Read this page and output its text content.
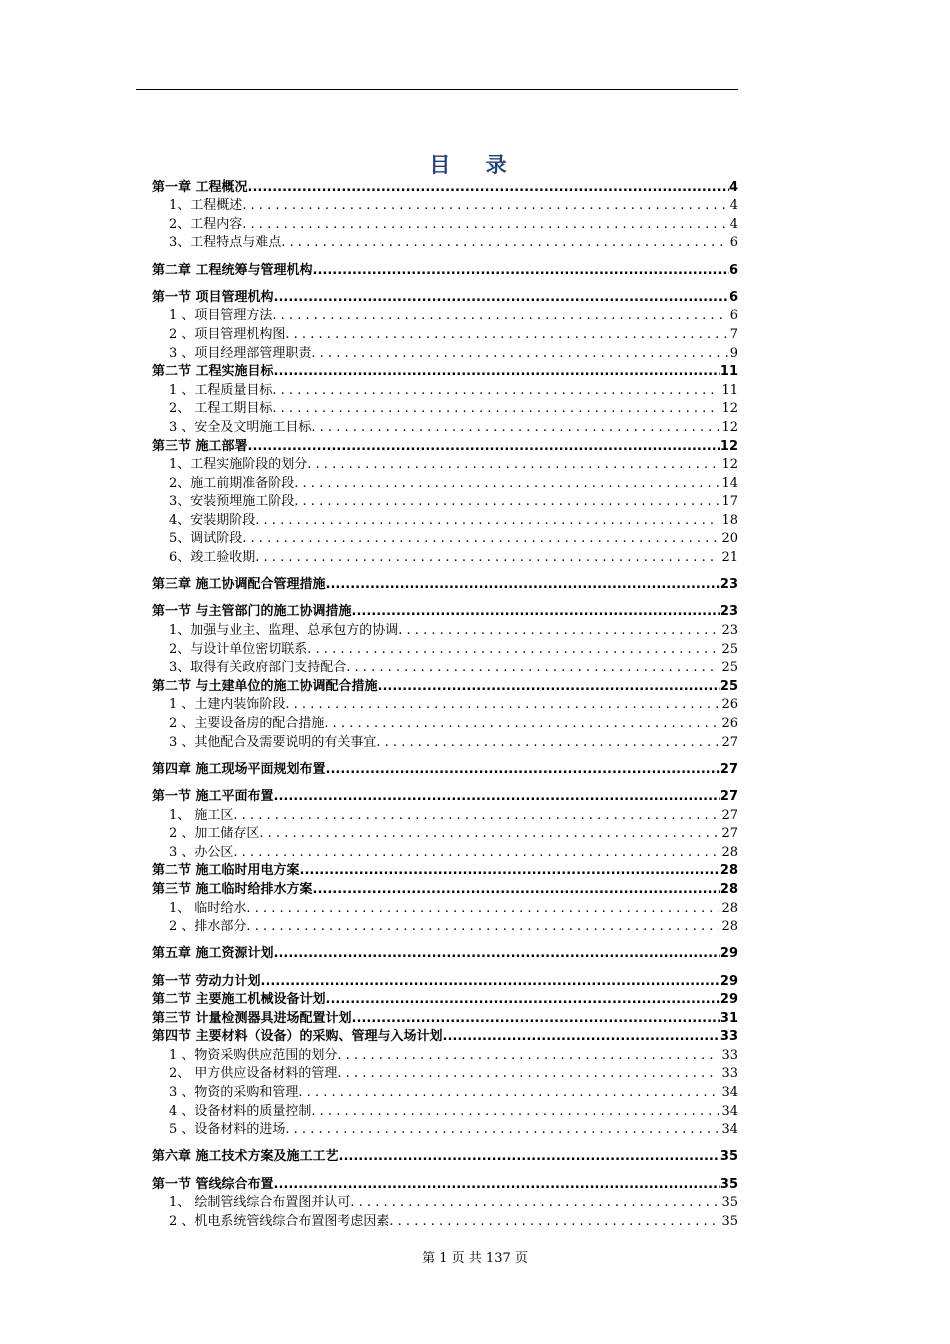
目 录
第一章 工程概况 .....	4
1、工程概述 . . .	4
2、工程内容 . . .	4
3、工程特点与难点 . . .	6
第二章 工程统筹与管理机构 .....	6
第一节 项目管理机构 .....	6
1 、项目管理方法 . . .	6
2 、项目管理机构图 . . .	7
3 、项目经理部管理职责 . . .	9
第二节 工程实施目标 .....	11
1 、工程质量目标 . . .	11
2、 工程工期目标 . . .	12
3 、安全及文明施工目标 . . .	12
第三节 施工部署 .....	12
1、工程实施阶段的划分 . . .	12
2、施工前期准备阶段 . . .	14
3、安装预埋施工阶段 . . .	17
4、安装期阶段 . . .	18
5、调试阶段 . . .	20
6、竣工验收期 . . .	21
第三章 施工协调配合管理措施 .....	23
第一节 与主管部门的施工协调措施 .....	23
1、加强与业主、监理、总承包方的协调 . . .	23
2、与设计单位密切联系 . . .	25
3、取得有关政府部门支持配合 . . .	25
第二节 与土建单位的施工协调配合措施 .....	25
1 、土建内装饰阶段 . . .	26
2 、主要设备房的配合措施 . . .	26
3 、其他配合及需要说明的有关事宜 . . .	27
第四章 施工现场平面规划布置 .....	27
第一节 施工平面布置 .....	27
1、 施工区 . . .	27
2 、加工储存区 . . .	27
3 、办公区 . . .	28
第二节 施工临时用电方案 .....	28
第三节 施工临时给排水方案 .....	28
1、 临时给水 . . .	28
2 、排水部分 . . .	28
第五章 施工资源计划 .....	29
第一节 劳动力计划 .....	29
第二节 主要施工机械设备计划 .....	29
第三节 计量检测器具进场配置计划 .....	31
第四节 主要材料（设备）的采购、管理与入场计划 .....	33
1 、物资采购供应范围的划分 . . .	33
2、 甲方供应设备材料的管理 . . .	33
3 、物资的采购和管理 . . .	34
4 、设备材料的质量控制 . . .	34
5 、设备材料的进场 . . .	34
第六章 施工技术方案及施工工艺 .....	35
第一节 管线综合布置 .....	35
1、 绘制管线综合布置图并认可 . . .	35
2 、机电系统管线综合布置图考虑因素 . . .	35
第 1 页 共 137 页
